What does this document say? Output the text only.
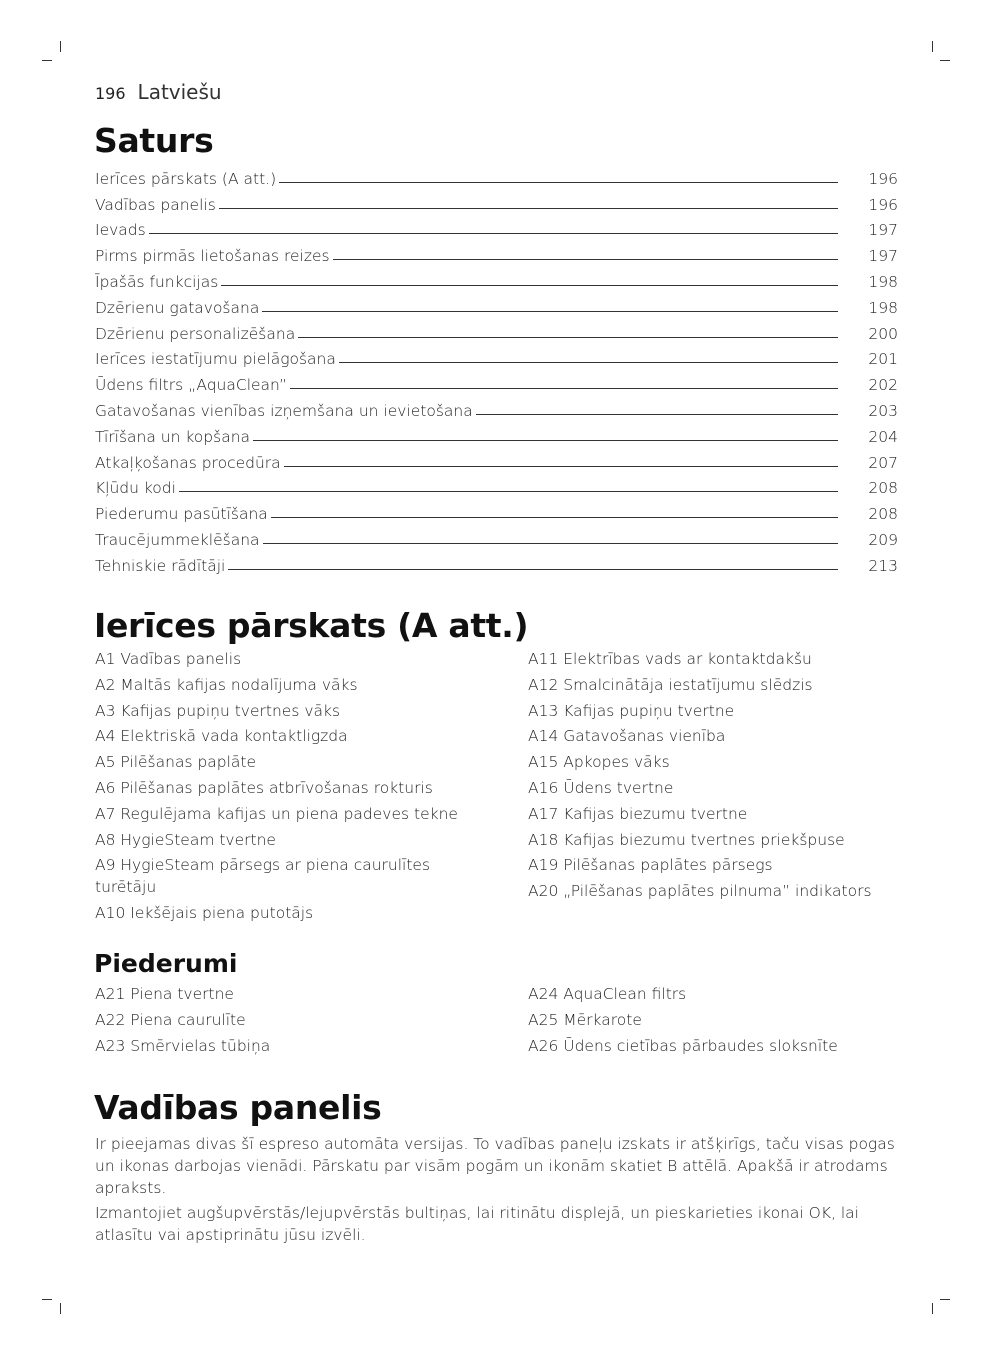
196 Latviešu
Saturs
Ierīces pārskats (A att.)	196
Vadības panelis	196
Ievads	197
Pirms pirmās lietošanas reizes	197
Īpašās funkcijas	198
Dzērienu gatavošana	198
Dzērienu personalizēšana	200
Ierīces iestatījumu pielāgošana	201
Ūdens filtrs „AquaClean”	202
Gatavošanas vienības izņemšana un ievietošana	203
Tīrīšana un kopšana	204
Atkaļķošanas procedūra	207
Kļūdu kodi	208
Piederumu pasūtīšana	208
Traucējummeklēšana	209
Tehniskie rādītāji	213
Ierīces pārskats (A att.)
A1 Vadības panelis
A2 Maltās kafijas nodalījuma vāks
A3 Kafijas pupiņu tvertnes vāks
A4 Elektriskā vada kontaktligzda
A5 Pilēšanas paplāte
A6 Pilēšanas paplātes atbrīvošanas rokturis
A7 Regulējama kafijas un piena padeves tekne
A8 HygieSteam tvertne
A9 HygieSteam pārsegs ar piena caurulītes turētāju
A10 Iekšējais piena putotājs
A11 Elektrības vads ar kontaktdakšu
A12 Smalcinātāja iestatījumu slēdzis
A13 Kafijas pupiņu tvertne
A14 Gatavošanas vienība
A15 Apkopes vāks
A16 Ūdens tvertne
A17 Kafijas biezumu tvertne
A18 Kafijas biezumu tvertnes priekšpuse
A19 Pilēšanas paplātes pārsegs
A20 „Pilēšanas paplātes pilnuma” indikators
Piederumi
A21 Piena tvertne
A22 Piena caurulīte
A23 Smērvielas tūbiņa
A24 AquaClean filtrs
A25 Mērkarote
A26 Ūdens cietības pārbaudes sloksnīte
Vadības panelis

Ir pieejamas divas šī espreso automāta versijas. To vadības paneļu izskats ir atšķirīgs, taču visas pogas un ikonas darbojas vienādi. Pārskatu par visām pogām un ikonām skatiet B attēlā. Apakšā ir atrodams apraksts.

Izmantojiet augšupvērstās/lejupvērstās bultiņas, lai ritinātu displejā, un pieskarieties ikonai OK, lai atlasītu vai apstiprinātu jūsu izvēli.
